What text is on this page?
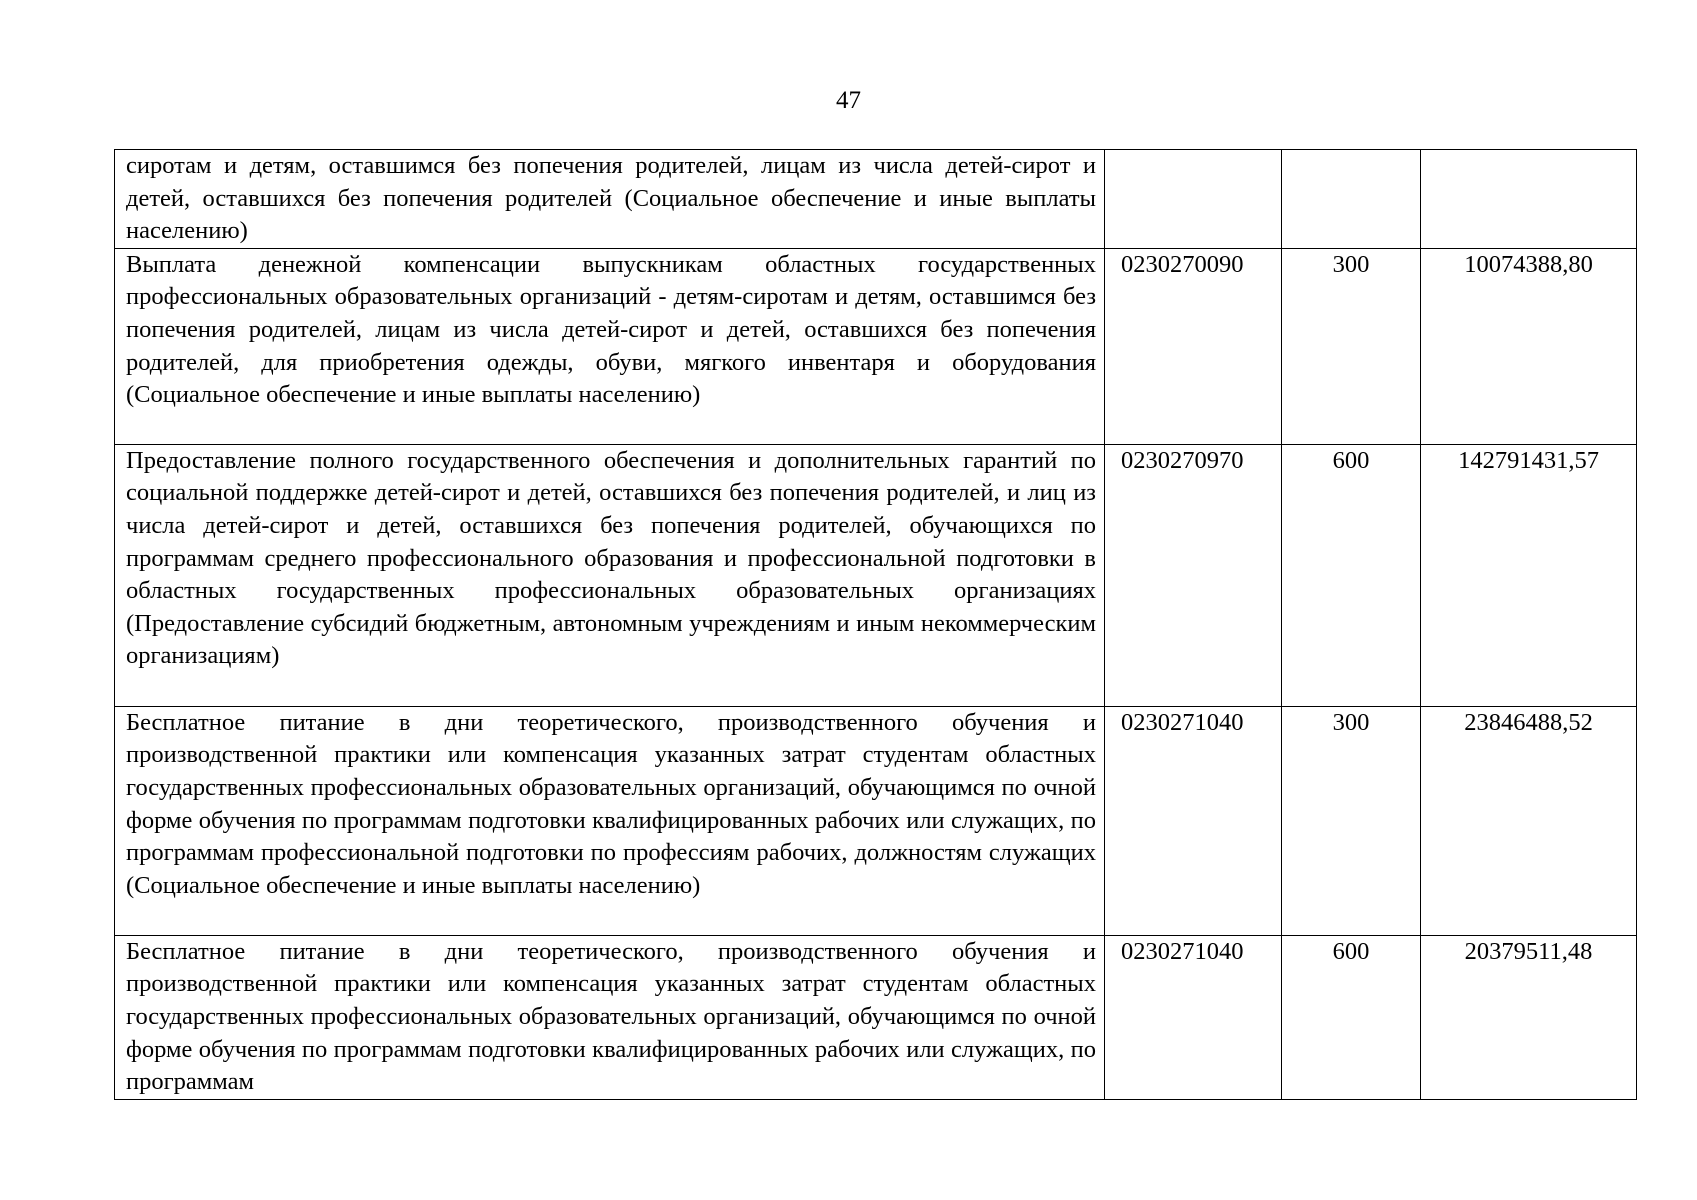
47
сиротам и детям, оставшимся без попечения родителей, лицам из числа детей-сирот и детей, оставшихся без попечения родителей (Социальное обеспечение и иные выплаты населению)			
Выплата денежной компенсации выпускникам областных государственных профессиональных образовательных организаций - детям-сиротам и детям, оставшимся без попечения родителей, лицам из числа детей-сирот и детей, оставшихся без попечения родителей, для приобретения одежды, обуви, мягкого инвентаря и оборудования (Социальное обеспечение и иные выплаты населению)	0230270090	300	10074388,80
Предоставление полного государственного обеспечения и дополнительных гарантий по социальной поддержке детей-сирот и детей, оставшихся без попечения родителей, и лиц из числа детей-сирот и детей, оставшихся без попечения родителей, обучающихся по программам среднего профессионального образования и профессиональной подготовки в областных государственных профессиональных образовательных организациях (Предоставление субсидий бюджетным, автономным учреждениям и иным некоммерческим организациям)	0230270970	600	142791431,57
Бесплатное питание в дни теоретического, производственного обучения и производственной практики или компенсация указанных затрат студентам областных государственных профессиональных образовательных организаций, обучающимся по очной форме обучения по программам подготовки квалифицированных рабочих или служащих, по программам профессиональной подготовки по профессиям рабочих, должностям служащих (Социальное обеспечение и иные выплаты населению)	0230271040	300	23846488,52
Бесплатное питание в дни теоретического, производственного обучения и производственной практики или компенсация указанных затрат студентам областных государственных профессиональных образовательных организаций, обучающимся по очной форме обучения по программам подготовки квалифицированных рабочих или служащих, по программам	0230271040	600	20379511,48
